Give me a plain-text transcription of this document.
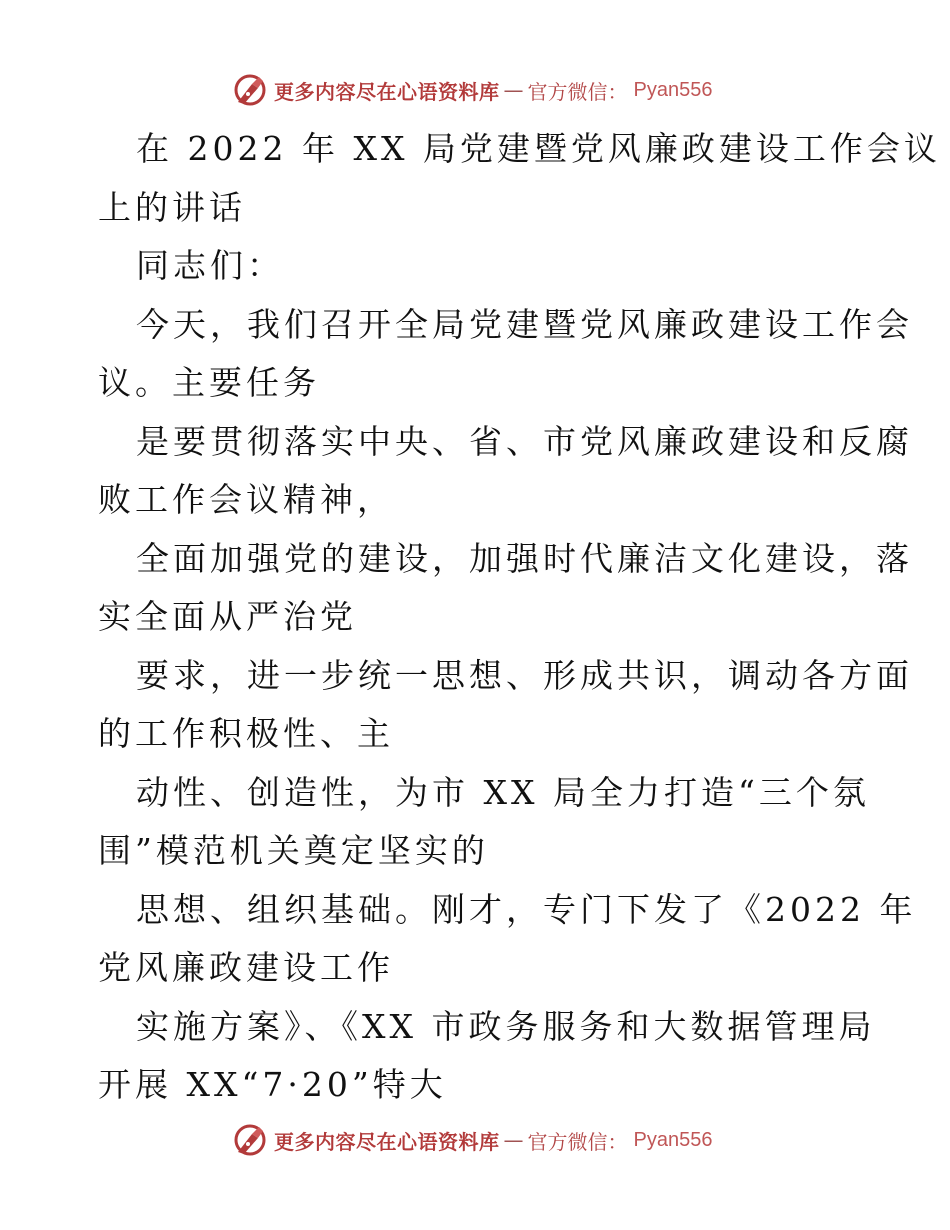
更多内容尽在心语资料库 — 官方微信： Pyan556
在 2022 年 XX 局党建暨党风廉政建设工作会议
上的讲话
同志们：
今天，我们召开全局党建暨党风廉政建设工作会
议。主要任务
是要贯彻落实中央、省、市党风廉政建设和反腐
败工作会议精神，
全面加强党的建设，加强时代廉洁文化建设，落
实全面从严治党
要求，进一步统一思想、形成共识，调动各方面
的工作积极性、主
动性、创造性，为市 XX 局全力打造“三个氛
围”模范机关奠定坚实的
思想、组织基础。刚才，专门下发了《2022 年
党风廉政建设工作
实施方案》、《XX 市政务服务和大数据管理局
开展 XX“7·20”特大
更多内容尽在心语资料库 — 官方微信： Pyan556
